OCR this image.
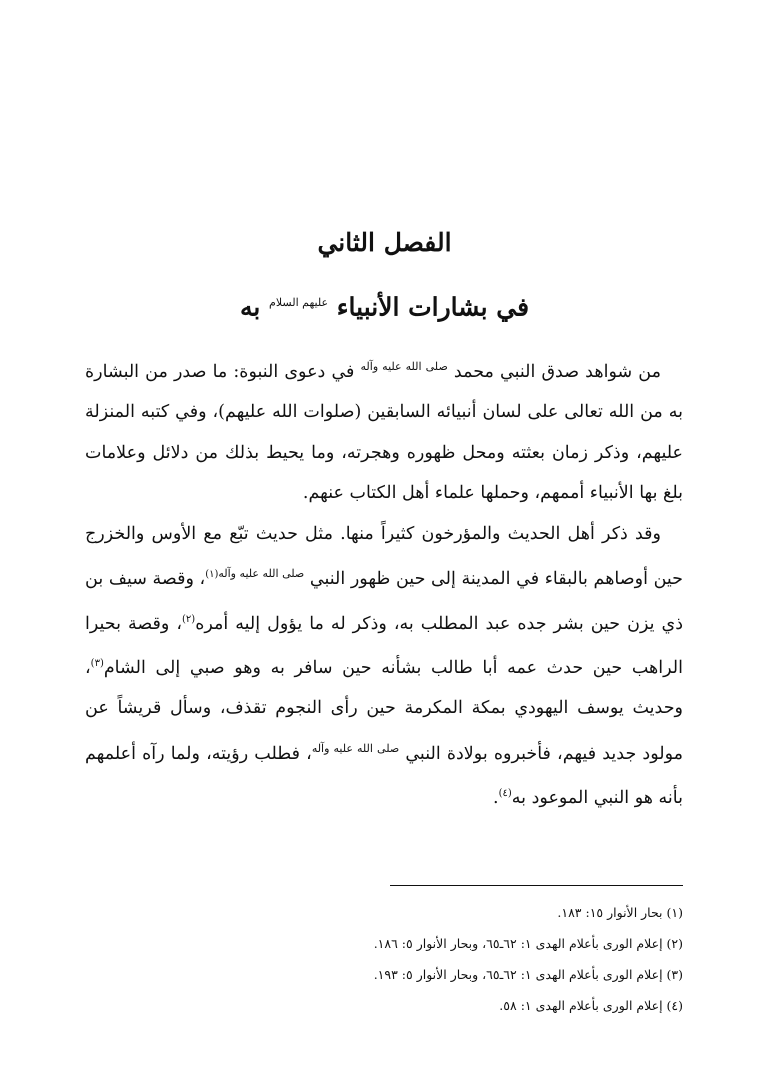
الفصل الثاني
في بشارات الأنبياء $^{عليهم السلام}$ به

من شواهد صدق النبي محمد $^{صلى الله عليه وآله}$ في دعوى النبوة: ما صدر من البشارة به من الله تعالى على لسان أنبيائه السابقين (صلوات الله عليهم)، وفي كتبه المنزلة عليهم، وذكر زمان بعثته ومحل ظهوره وهجرته، وما يحيط بذلك من دلائل وعلامات بلغ بها الأنبياء أممهم، وحملها علماء أهل الكتاب عنهم.

وقد ذكر أهل الحديث والمؤرخون كثيراً منها. مثل حديث تبّع مع الأوس والخزرج حين أوصاهم بالبقاء في المدينة إلى حين ظهور النبي $^{صلى الله عليه وآله(١)}$، وقصة سيف بن ذي يزن حين بشر جده عبد المطلب به، وذكر له ما يؤول إليه أمره$^{(٢)}$، وقصة بحيرا الراهب حين حدث عمه أبا طالب بشأنه حين سافر به وهو صبي إلى الشام$^{(٣)}$، وحديث يوسف اليهودي بمكة المكرمة حين رأى النجوم تقذف، وسأل قريشاً عن مولود جديد فيهم، فأخبروه بولادة النبي $^{صلى الله عليه وآله}$، فطلب رؤيته، ولما رآه أعلمهم بأنه هو النبي الموعود به$^{(٤)}$.

(١) بحار الأنوار ١٥: ١٨٣.

(٢) إعلام الورى بأعلام الهدى ١: ٦٢ـ٦٥، وبحار الأنوار ٥: ١٨٦.

(٣) إعلام الورى بأعلام الهدى ١: ٦٢ـ٦٥، وبحار الأنوار ٥: ١٩٣.

(٤) إعلام الورى بأعلام الهدى ١: ٥٨.
